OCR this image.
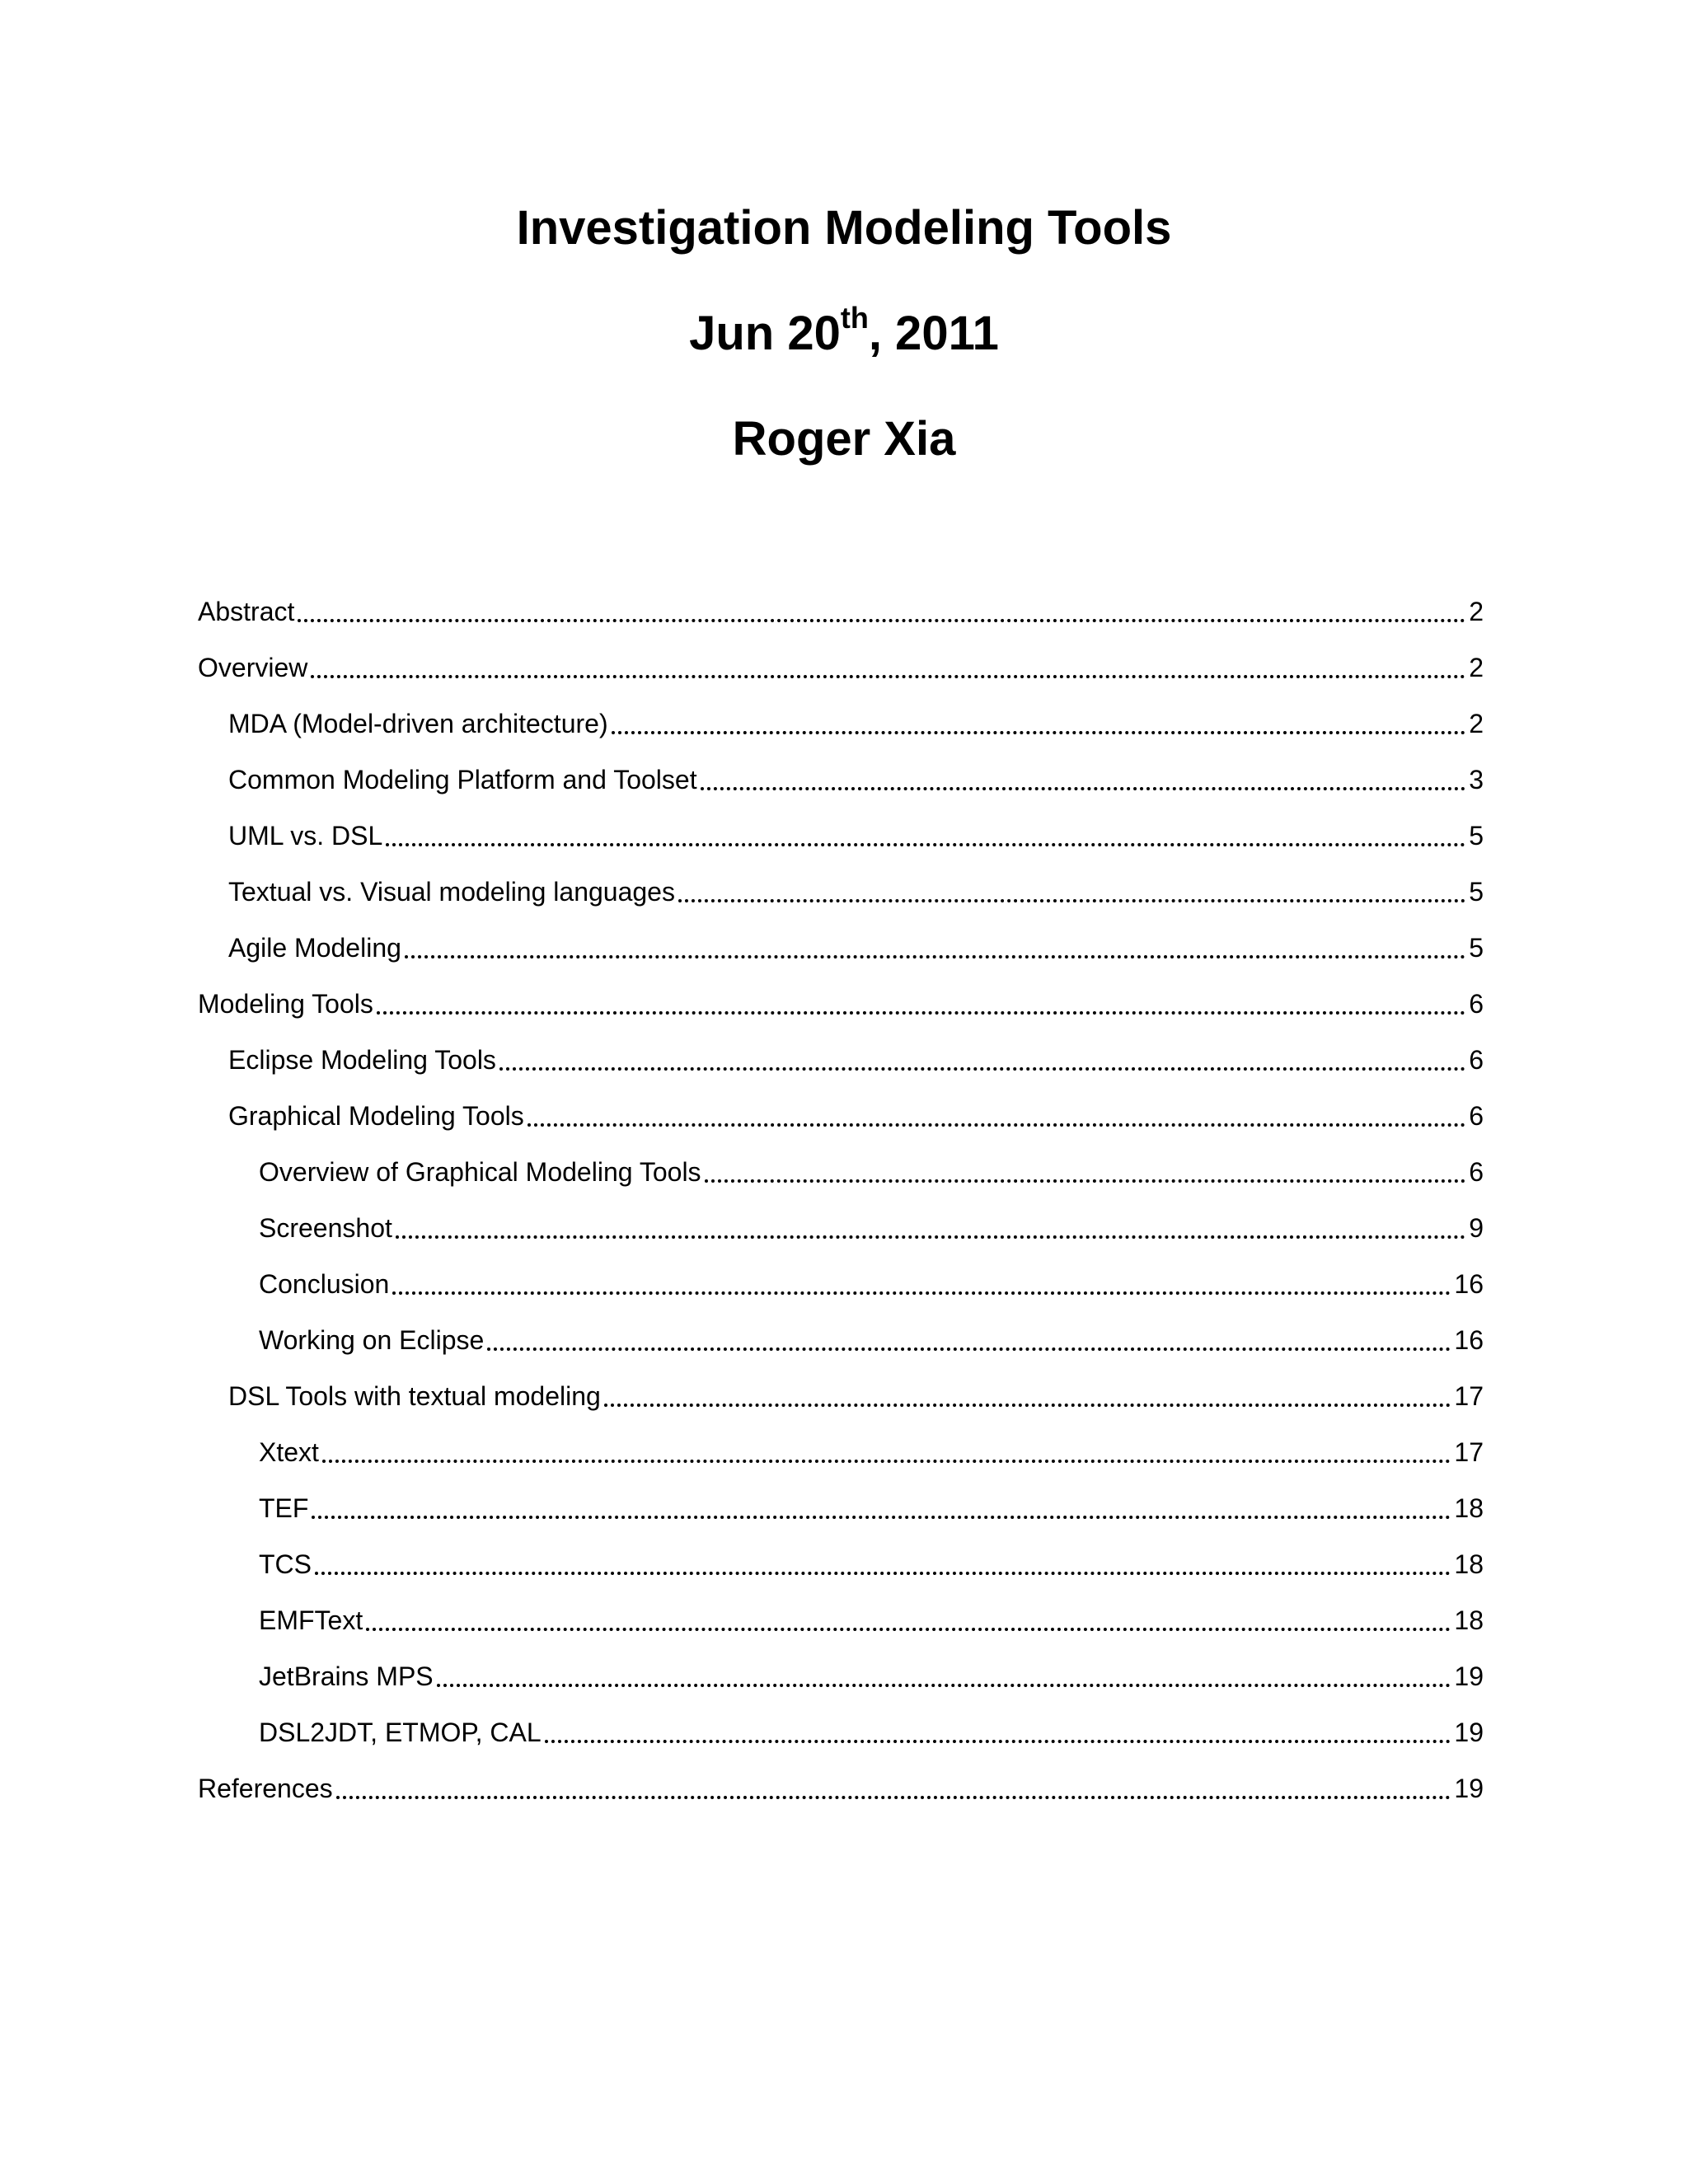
Investigation Modeling Tools
Jun 20th, 2011
Roger Xia
Abstract	2
Overview	2
MDA (Model-driven architecture)	2
Common Modeling Platform and Toolset	3
UML vs. DSL	5
Textual vs. Visual modeling languages	5
Agile Modeling	5
Modeling Tools	6
Eclipse Modeling Tools	6
Graphical Modeling Tools	6
Overview of Graphical Modeling Tools	6
Screenshot	9
Conclusion	16
Working on Eclipse	16
DSL Tools with textual modeling	17
Xtext	17
TEF	18
TCS	18
EMFText	18
JetBrains MPS	19
DSL2JDT, ETMOP, CAL	19
References	19
